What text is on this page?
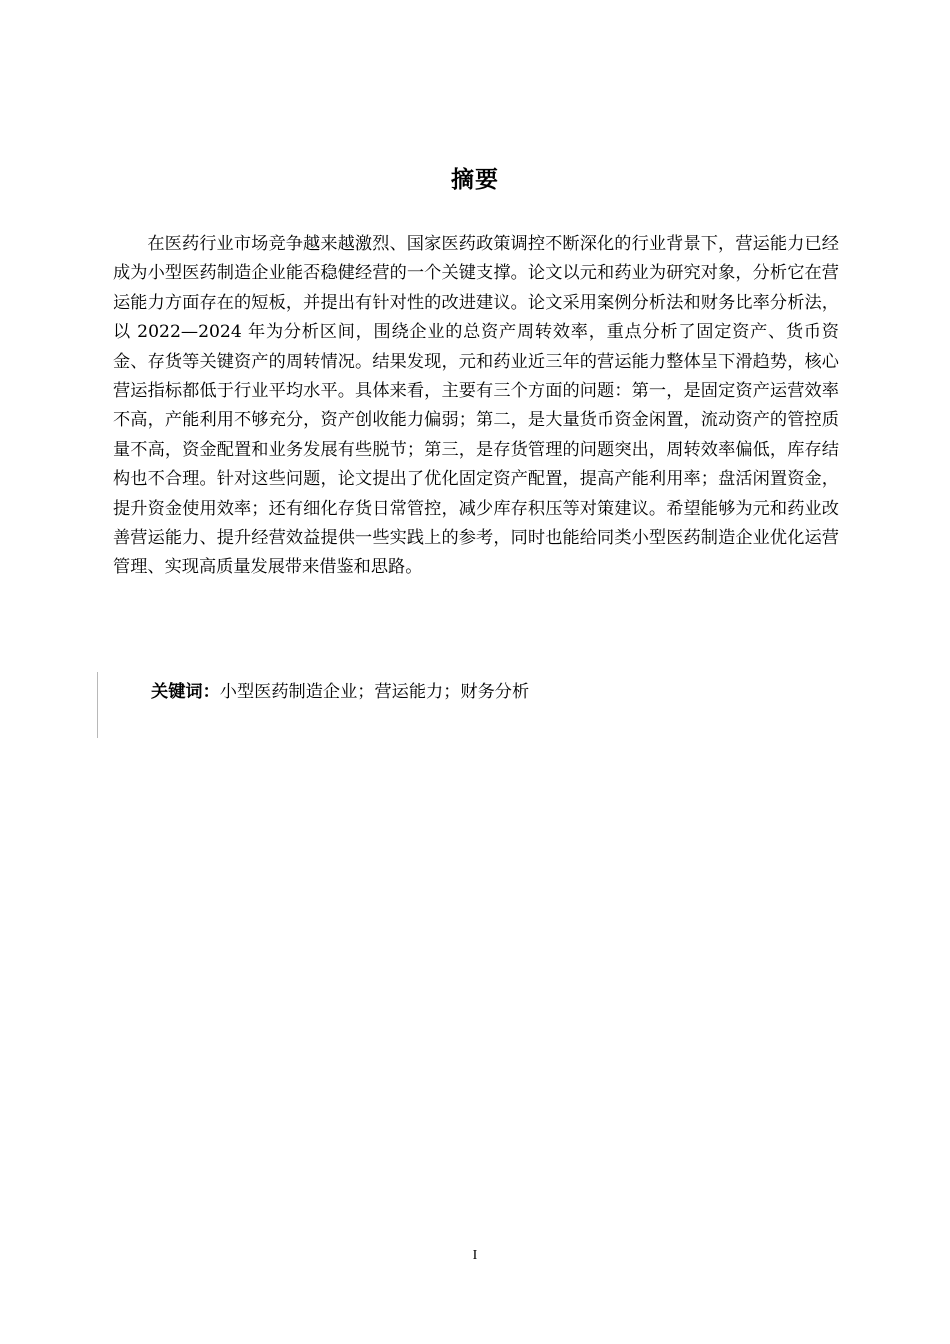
摘要

在医药行业市场竞争越来越激烈、国家医药政策调控不断深化的行业背景下，营运能力已经成为小型医药制造企业能否稳健经营的一个关键支撑。论文以元和药业为研究对象，分析它在营运能力方面存在的短板，并提出有针对性的改进建议。论文采用案例分析法和财务比率分析法，以 2022—2024 年为分析区间，围绕企业的总资产周转效率，重点分析了固定资产、货币资金、存货等关键资产的周转情况。结果发现，元和药业近三年的营运能力整体呈下滑趋势，核心营运指标都低于行业平均水平。具体来看，主要有三个方面的问题：第一，是固定资产运营效率不高，产能利用不够充分，资产创收能力偏弱；第二，是大量货币资金闲置，流动资产的管控质量不高，资金配置和业务发展有些脱节；第三，是存货管理的问题突出，周转效率偏低，库存结构也不合理。针对这些问题，论文提出了优化固定资产配置，提高产能利用率；盘活闲置资金，提升资金使用效率；还有细化存货日常管控，减少库存积压等对策建议。希望能够为元和药业改善营运能力、提升经营效益提供一些实践上的参考，同时也能给同类小型医药制造企业优化运营管理、实现高质量发展带来借鉴和思路。

关键词：小型医药制造企业；营运能力；财务分析
I
